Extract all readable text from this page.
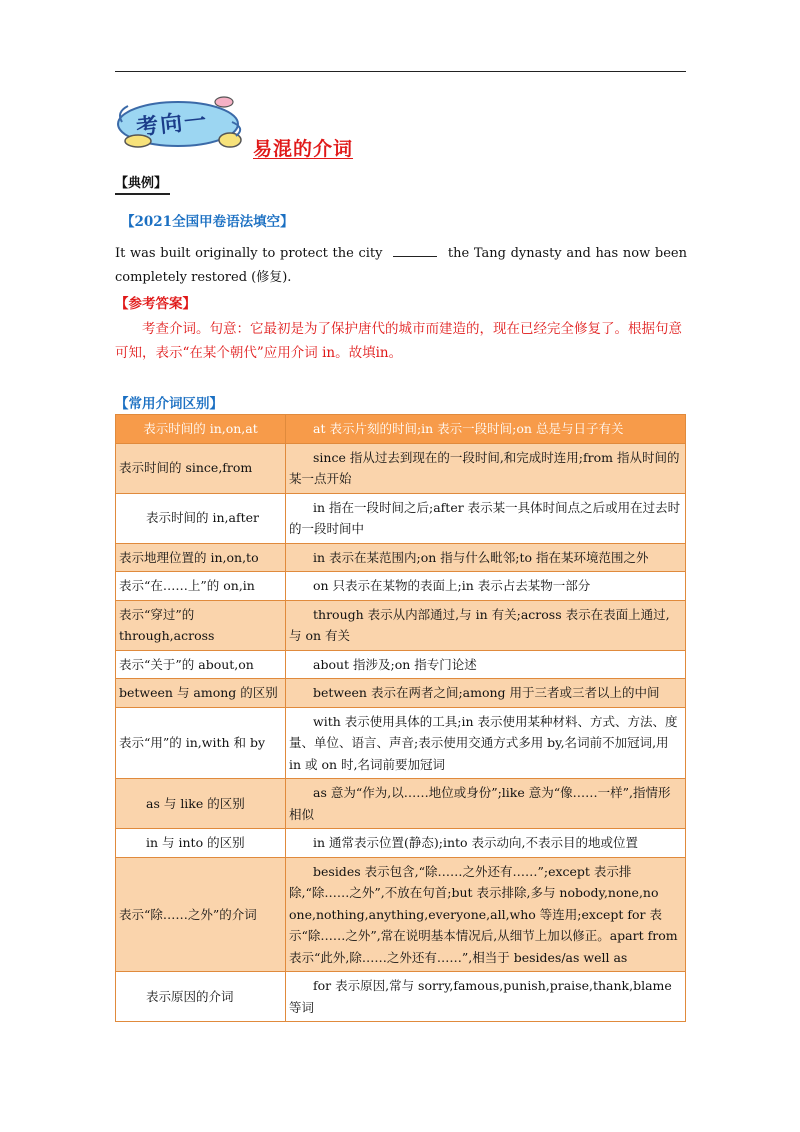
考向一
易混的介词
【典例】
【2021全国甲卷语法填空】
It was built originally to protect the city	the Tang dynasty and has now been completely restored (修复).
【参考答案】
考查介词。句意：它最初是为了保护唐代的城市而建造的，现在已经完全修复了。根据句意可知，表示“在某个朝代”应用介词 in。故填in。
【常用介词区别】
表示时间的 in,on,at	at 表示片刻的时间;in 表示一段时间;on 总是与日子有关
表示时间的 since,from	since 指从过去到现在的一段时间,和完成时连用;from 指从时间的某一点开始
表示时间的 in,after	in 指在一段时间之后;after 表示某一具体时间点之后或用在过去时的一段时间中
表示地理位置的 in,on,to	in 表示在某范围内;on 指与什么毗邻;to 指在某环境范围之外
表示“在……上”的 on,in	on 只表示在某物的表面上;in 表示占去某物一部分
表示“穿过”的 through,across	through 表示从内部通过,与 in 有关;across 表示在表面上通过,与 on 有关
表示“关于”的 about,on	about 指涉及;on 指专门论述
between 与 among 的区别	between 表示在两者之间;among 用于三者或三者以上的中间
表示“用”的 in,with 和 by	with 表示使用具体的工具;in 表示使用某种材料、方式、方法、度量、单位、语言、声音;表示使用交通方式多用 by,名词前不加冠词,用 in 或 on 时,名词前要加冠词
as 与 like 的区别	as 意为“作为,以……地位或身份”;like 意为“像……一样”,指情形相似
in 与 into 的区别	in 通常表示位置(静态);into 表示动向,不表示目的地或位置
表示“除……之外”的介词	besides 表示包含,“除……之外还有……”;except 表示排除,“除……之外”,不放在句首;but 表示排除,多与 nobody,none,no one,nothing,anything,everyone,all,who 等连用;except for 表示“除……之外”,常在说明基本情况后,从细节上加以修正。apart from 表示“此外,除……之外还有……”,相当于 besides/as well as
表示原因的介词	for 表示原因,常与 sorry,famous,punish,praise,thank,blame 等词
